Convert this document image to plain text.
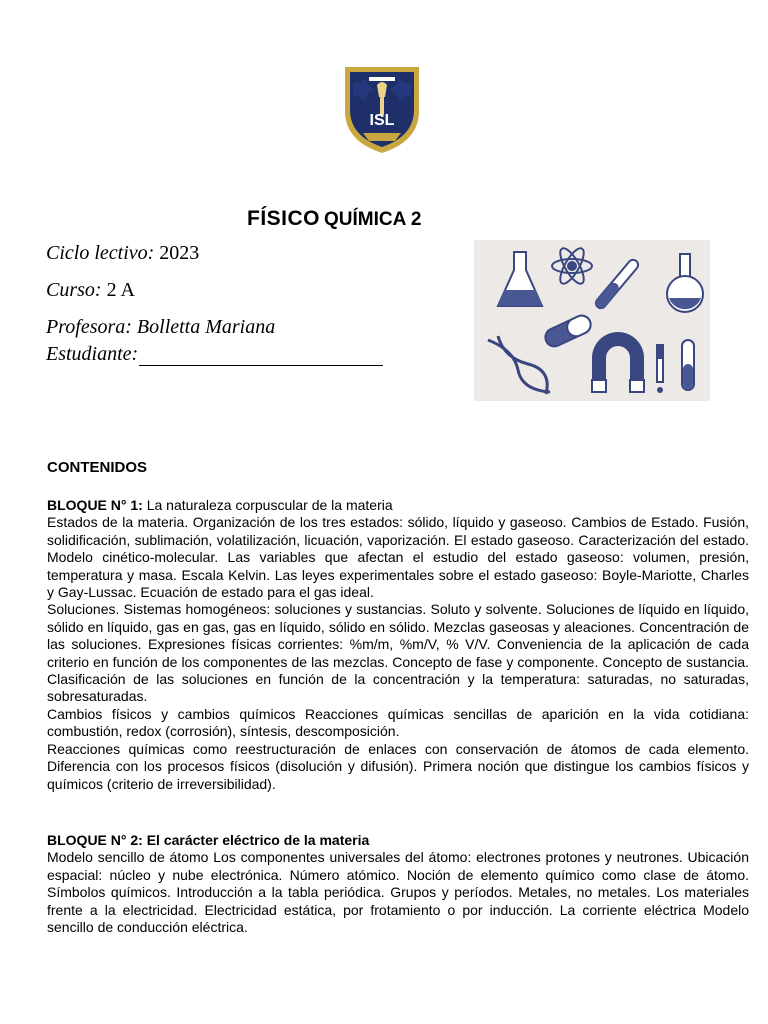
ISL
FÍSICO QUÍMICA 2
Ciclo lectivo: 2023
Curso: 2 A
Profesora: Bolletta Mariana
Estudiante:
CONTENIDOS

BLOQUE N° 1: La naturaleza corpuscular de la materia

Estados de la materia. Organización de los tres estados: sólido, líquido y gaseoso. Cambios de Estado. Fusión, solidificación, sublimación, volatilización, licuación, vaporización. El estado gaseoso. Caracterización del estado. Modelo cinético-molecular. Las variables que afectan el estudio del estado gaseoso: volumen, presión, temperatura y masa. Escala Kelvin. Las leyes experimentales sobre el estado gaseoso: Boyle-Mariotte, Charles y Gay-Lussac. Ecuación de estado para el gas ideal.

Soluciones. Sistemas homogéneos: soluciones y sustancias. Soluto y solvente. Soluciones de líquido en líquido, sólido en líquido, gas en gas, gas en líquido, sólido en sólido. Mezclas gaseosas y aleaciones. Concentración de las soluciones. Expresiones físicas corrientes: %m/m, %m/V, % V/V. Conveniencia de la aplicación de cada criterio en función de los componentes de las mezclas. Concepto de fase y componente. Concepto de sustancia. Clasificación de las soluciones en función de la concentración y la temperatura: saturadas, no saturadas, sobresaturadas.

Cambios físicos y cambios químicos Reacciones químicas sencillas de aparición en la vida cotidiana: combustión, redox (corrosión), síntesis, descomposición.

Reacciones químicas como reestructuración de enlaces con conservación de átomos de cada elemento. Diferencia con los procesos físicos (disolución y difusión). Primera noción que distingue los cambios físicos y químicos (criterio de irreversibilidad).

BLOQUE N° 2: El carácter eléctrico de la materia

Modelo sencillo de átomo Los componentes universales del átomo: electrones protones y neutrones. Ubicación espacial: núcleo y nube electrónica. Número atómico. Noción de elemento químico como clase de átomo. Símbolos químicos. Introducción a la tabla periódica. Grupos y períodos. Metales, no metales. Los materiales frente a la electricidad. Electricidad estática, por frotamiento o por inducción. La corriente eléctrica Modelo sencillo de conducción eléctrica.
